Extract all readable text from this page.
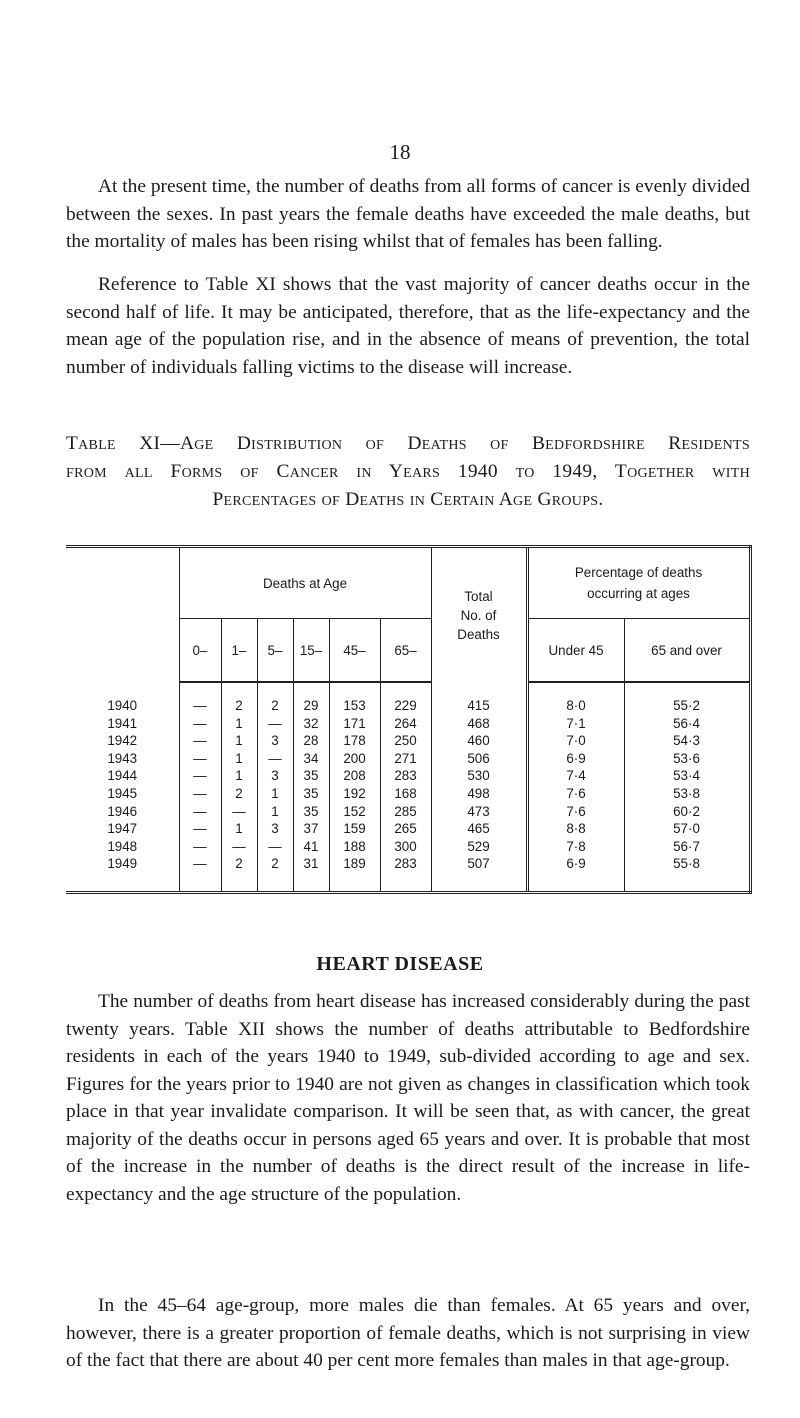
18

At the present time, the number of deaths from all forms of cancer is evenly divided between the sexes. In past years the female deaths have exceeded the male deaths, but the mortality of males has been rising whilst that of females has been falling.

Reference to Table XI shows that the vast majority of cancer deaths occur in the second half of life. It may be anticipated, therefore, that as the life-expectancy and the mean age of the population rise, and in the absence of means of prevention, the total number of individuals falling victims to the disease will increase.

Table XI—Age Distribution of Deaths of Bedfordshire Residents
from all Forms of Cancer in Years 1940 to 1949, Together with
Percentages of Deaths in Certain Age Groups.
	Deaths at Age						Total
No. of
Deaths	Percentage of deaths
occurring at ages	
	0–	1–	5–	15–	45–	65–		Under 45	65 and over
1940	—	2	2	29	153	229	415	8·0	55·2
1941	—	1	—	32	171	264	468	7·1	56·4
1942	—	1	3	28	178	250	460	7·0	54·3
1943	—	1	—	34	200	271	506	6·9	53·6
1944	—	1	3	35	208	283	530	7·4	53·4
1945	—	2	1	35	192	168	498	7·6	53·8
1946	—	—	1	35	152	285	473	7·6	60·2
1947	—	1	3	37	159	265	465	8·8	57·0
1948	—	—	—	41	188	300	529	7·8	56·7
1949	—	2	2	31	189	283	507	6·9	55·8
HEART DISEASE

The number of deaths from heart disease has increased considerably during the past twenty years. Table XII shows the number of deaths attributable to Bedfordshire residents in each of the years 1940 to 1949, sub-divided according to age and sex. Figures for the years prior to 1940 are not given as changes in classification which took place in that year invalidate comparison. It will be seen that, as with cancer, the great majority of the deaths occur in persons aged 65 years and over. It is probable that most of the increase in the number of deaths is the direct result of the increase in life-expectancy and the age structure of the population.

In the 45–64 age-group, more males die than females. At 65 years and over, however, there is a greater proportion of female deaths, which is not surprising in view of the fact that there are about 40 per cent more females than males in that age-group.
